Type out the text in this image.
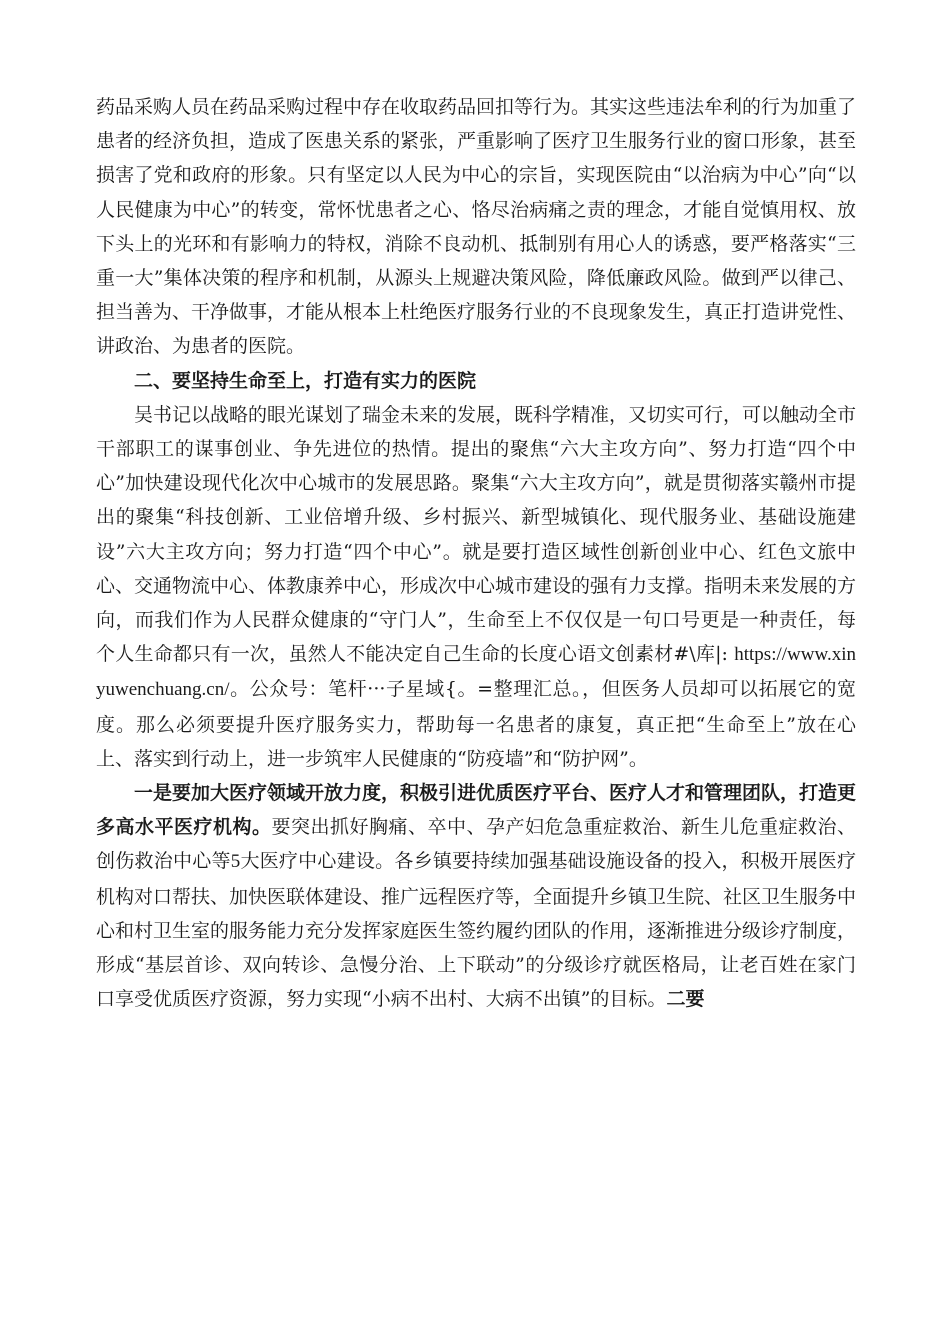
药品采购人员在药品采购过程中存在收取药品回扣等行为。其实这些违法牟利的行为加重了患者的经济负担，造成了医患关系的紧张，严重影响了医疗卫生服务行业的窗口形象，甚至损害了党和政府的形象。只有坚定以人民为中心的宗旨，实现医院由“以治病为中心”向“以人民健康为中心”的转变，常怀忧患者之心、恪尽治病痛之责的理念，才能自觉慎用权、放下头上的光环和有影响力的特权，消除不良动机、抵制别有用心人的诱惑，要严格落实“三重一大”集体决策的程序和机制，从源头上规避决策风险，降低廉政风险。做到严以律己、担当善为、干净做事，才能从根本上杜绝医疗服务行业的不良现象发生，真正打造讲党性、讲政治、为患者的医院。

二、要坚持生命至上，打造有实力的医院

吴书记以战略的眼光谋划了瑞金未来的发展，既科学精准，又切实可行，可以触动全市干部职工的谋事创业、争先进位的热情。提出的聚焦“六大主攻方向”、努力打造“四个中心”加快建设现代化次中心城市的发展思路。聚集“六大主攻方向”，就是贯彻落实赣州市提出的聚集“科技创新、工业倍增升级、乡村振兴、新型城镇化、现代服务业、基础设施建设”六大主攻方向；努力打造“四个中心”。就是要打造区域性创新创业中心、红色文旅中心、交通物流中心、体教康养中心，形成次中心城市建设的强有力支撑。指明未来发展的方向，而我们作为人民群众健康的“守门人”，生命至上不仅仅是一句口号更是一种责任，每个人生命都只有一次，虽然人不能决定自己生命的长度心语文创素材#\库|: https://www.xinyuwenchuang.cn/。公众号：笔杆···子星域{。=整理汇总。，但医务人员却可以拓展它的宽度。那么必须要提升医疗服务实力，帮助每一名患者的康复，真正把“生命至上”放在心上、落实到行动上，进一步筑牢人民健康的“防疫墙”和“防护网”。

一是要加大医疗领域开放力度，积极引进优质医疗平台、医疗人才和管理团队，打造更多高水平医疗机构。要突出抓好胸痛、卒中、孕产妇危急重症救治、新生儿危重症救治、创伤救治中心等5大医疗中心建设。各乡镇要持续加强基础设施设备的投入，积极开展医疗机构对口帮扶、加快医联体建设、推广远程医疗等，全面提升乡镇卫生院、社区卫生服务中心和村卫生室的服务能力充分发挥家庭医生签约履约团队的作用，逐渐推进分级诊疗制度，形成“基层首诊、双向转诊、急慢分治、上下联动”的分级诊疗就医格局，让老百姓在家门口享受优质医疗资源，努力实现“小病不出村、大病不出镇”的目标。二要
